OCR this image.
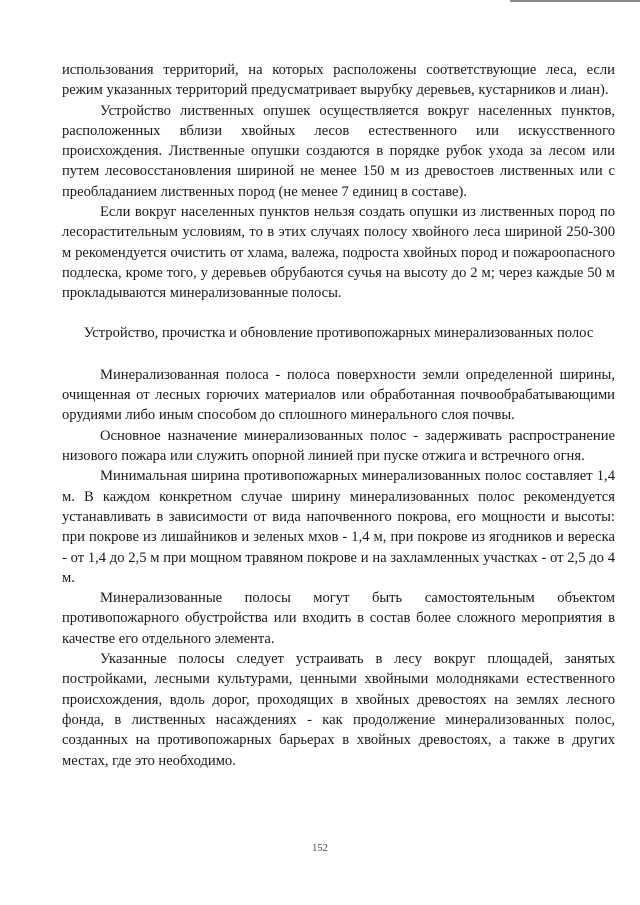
использования территорий, на которых расположены соответствующие леса, если режим указанных территорий предусматривает вырубку деревьев, кустарников и лиан).

Устройство лиственных опушек осуществляется вокруг населенных пунктов, расположенных вблизи хвойных лесов естественного или искусственного происхождения. Лиственные опушки создаются в порядке рубок ухода за лесом или путем лесовосстановления шириной не менее 150 м из древостоев лиственных или с преобладанием лиственных пород (не менее 7 единиц в составе).

Если вокруг населенных пунктов нельзя создать опушки из лиственных пород по лесорастительным условиям, то в этих случаях полосу хвойного леса шириной 250-300 м рекомендуется очистить от хлама, валежа, подроста хвойных пород и пожароопасного подлеска, кроме того, у деревьев обрубаются сучья на высоту до 2 м; через каждые 50 м прокладываются минерализованные полосы.

Устройство, прочистка и обновление противопожарных минерализованных полос

Минерализованная полоса - полоса поверхности земли определенной ширины, очищенная от лесных горючих материалов или обработанная почвообрабатывающими орудиями либо иным способом до сплошного минерального слоя почвы.

Основное назначение минерализованных полос - задерживать распространение низового пожара или служить опорной линией при пуске отжига и встречного огня.

Минимальная ширина противопожарных минерализованных полос составляет 1,4 м. В каждом конкретном случае ширину минерализованных полос рекомендуется устанавливать в зависимости от вида напочвенного покрова, его мощности и высоты: при покрове из лишайников и зеленых мхов - 1,4 м, при покрове из ягодников и вереска - от 1,4 до 2,5 м при мощном травяном покрове и на захламленных участках - от 2,5 до 4 м.

Минерализованные полосы могут быть самостоятельным объектом противопожарного обустройства или входить в состав более сложного мероприятия в качестве его отдельного элемента.

Указанные полосы следует устраивать в лесу вокруг площадей, занятых постройками, лесными культурами, ценными хвойными молодняками естественного происхождения, вдоль дорог, проходящих в хвойных древостоях на землях лесного фонда, в лиственных насаждениях - как продолжение минерализованных полос, созданных на противопожарных барьерах в хвойных древостоях, а также в других местах, где это необходимо.

152
